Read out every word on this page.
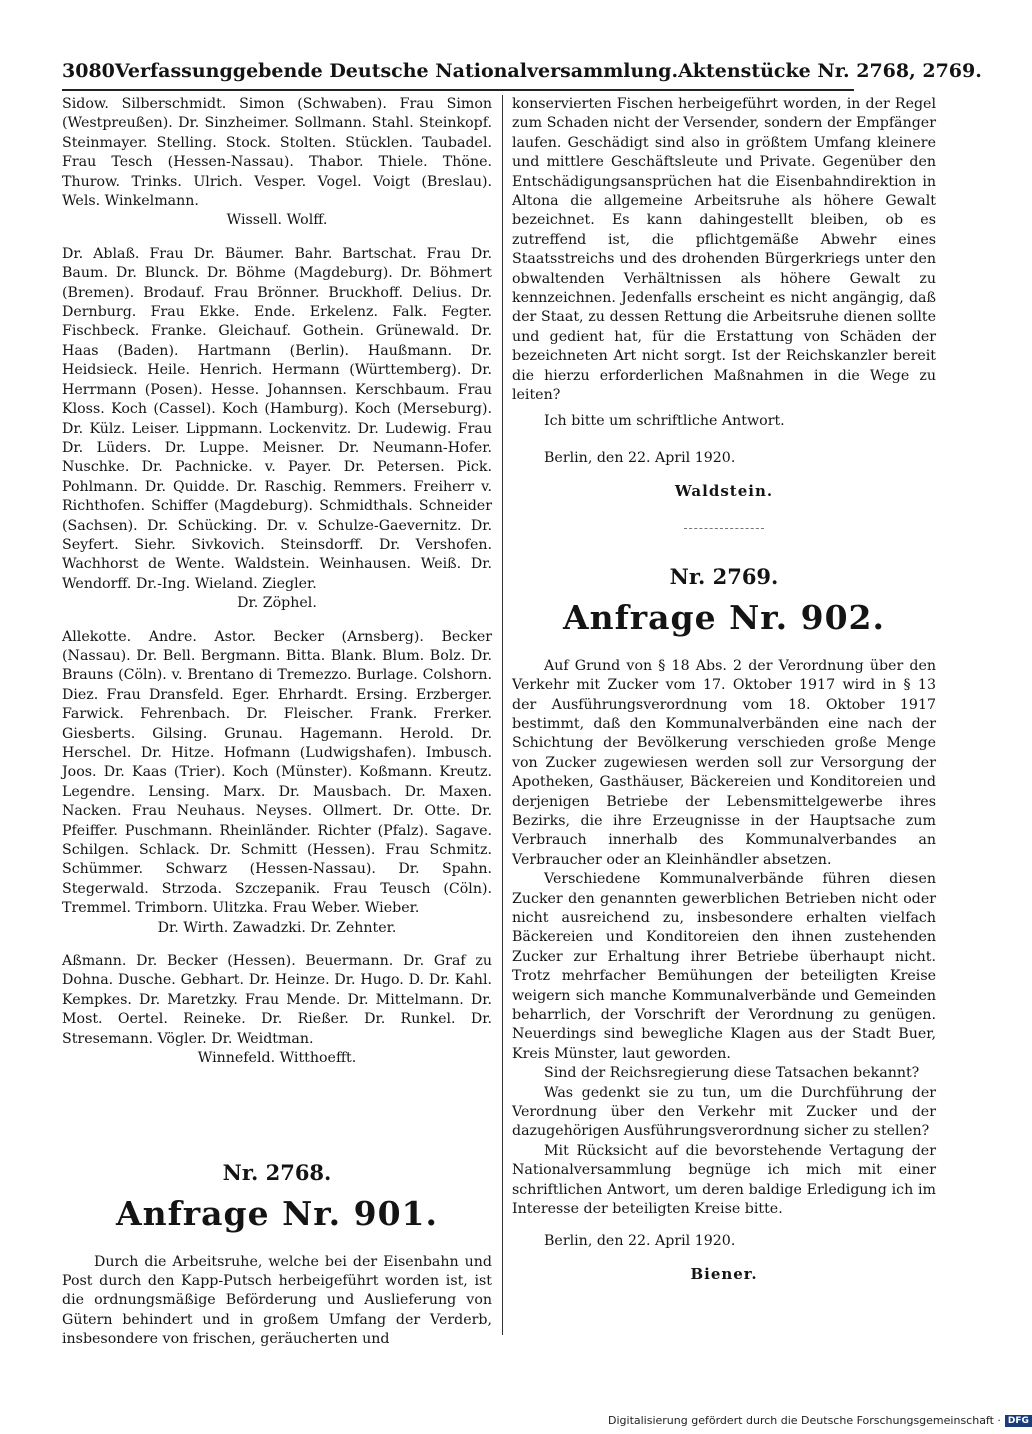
3080 Verfassunggebende Deutsche Nationalversammlung. Aktenstücke Nr. 2768, 2769.

Sidow. Silberschmidt. Simon (Schwaben). Frau Simon (Westpreußen). Dr. Sinzheimer. Sollmann. Stahl. Steinkopf. Steinmayer. Stelling. Stock. Stolten. Stücklen. Taubadel. Frau Tesch (Hessen-Nassau). Thabor. Thiele. Thöne. Thurow. Trinks. Ulrich. Vesper. Vogel. Voigt (Breslau). Wels. Winkelmann.

Wissell. Wolff.

Dr. Ablaß. Frau Dr. Bäumer. Bahr. Bartschat. Frau Dr. Baum. Dr. Blunck. Dr. Böhme (Magdeburg). Dr. Böhmert (Bremen). Brodauf. Frau Brönner. Bruckhoff. Delius. Dr. Dernburg. Frau Ekke. Ende. Erkelenz. Falk. Fegter. Fischbeck. Franke. Gleichauf. Gothein. Grünewald. Dr. Haas (Baden). Hartmann (Berlin). Haußmann. Dr. Heidsieck. Heile. Henrich. Hermann (Württemberg). Dr. Herrmann (Posen). Hesse. Johannsen. Kerschbaum. Frau Kloss. Koch (Cassel). Koch (Hamburg). Koch (Merseburg). Dr. Külz. Leiser. Lippmann. Lockenvitz. Dr. Ludewig. Frau Dr. Lüders. Dr. Luppe. Meisner. Dr. Neumann-Hofer. Nuschke. Dr. Pachnicke. v. Payer. Dr. Petersen. Pick. Pohlmann. Dr. Quidde. Dr. Raschig. Remmers. Freiherr v. Richthofen. Schiffer (Magdeburg). Schmidthals. Schneider (Sachsen). Dr. Schücking. Dr. v. Schulze-Gaevernitz. Dr. Seyfert. Siehr. Sivkovich. Steinsdorff. Dr. Vershofen. Wachhorst de Wente. Waldstein. Weinhausen. Weiß. Dr. Wendorff. Dr.-Ing. Wieland. Ziegler.

Dr. Zöphel.

Allekotte. Andre. Astor. Becker (Arnsberg). Becker (Nassau). Dr. Bell. Bergmann. Bitta. Blank. Blum. Bolz. Dr. Brauns (Cöln). v. Brentano di Tremezzo. Burlage. Colshorn. Diez. Frau Dransfeld. Eger. Ehrhardt. Ersing. Erzberger. Farwick. Fehrenbach. Dr. Fleischer. Frank. Frerker. Giesberts. Gilsing. Grunau. Hagemann. Herold. Dr. Herschel. Dr. Hitze. Hofmann (Ludwigshafen). Imbusch. Joos. Dr. Kaas (Trier). Koch (Münster). Koßmann. Kreutz. Legendre. Lensing. Marx. Dr. Mausbach. Dr. Maxen. Nacken. Frau Neuhaus. Neyses. Ollmert. Dr. Otte. Dr. Pfeiffer. Puschmann. Rheinländer. Richter (Pfalz). Sagave. Schilgen. Schlack. Dr. Schmitt (Hessen). Frau Schmitz. Schümmer. Schwarz (Hessen-Nassau). Dr. Spahn. Stegerwald. Strzoda. Szczepanik. Frau Teusch (Cöln). Tremmel. Trimborn. Ulitzka. Frau Weber. Wieber.

Dr. Wirth. Zawadzki. Dr. Zehnter.

Aßmann. Dr. Becker (Hessen). Beuermann. Dr. Graf zu Dohna. Dusche. Gebhart. Dr. Heinze. Dr. Hugo. D. Dr. Kahl. Kempkes. Dr. Maretzky. Frau Mende. Dr. Mittelmann. Dr. Most. Oertel. Reineke. Dr. Rießer. Dr. Runkel. Dr. Stresemann. Vögler. Dr. Weidtman.

Winnefeld. Witthoefft.

Nr. 2768.

Anfrage Nr. 901.

Durch die Arbeitsruhe, welche bei der Eisenbahn und Post durch den Kapp-Putsch herbeigeführt worden ist, ist die ordnungsmäßige Beförderung und Auslieferung von Gütern behindert und in großem Umfang der Verderb, insbesondere von frischen, geräucherten und

konservierten Fischen herbeigeführt worden, in der Regel zum Schaden nicht der Versender, sondern der Empfänger laufen. Geschädigt sind also in größtem Umfang kleinere und mittlere Geschäftsleute und Private. Gegenüber den Entschädigungsansprüchen hat die Eisenbahndirektion in Altona die allgemeine Arbeitsruhe als höhere Gewalt bezeichnet. Es kann dahingestellt bleiben, ob es zutreffend ist, die pflichtgemäße Abwehr eines Staatsstreichs und des drohenden Bürgerkriegs unter den obwaltenden Verhältnissen als höhere Gewalt zu kennzeichnen. Jedenfalls erscheint es nicht angängig, daß der Staat, zu dessen Rettung die Arbeitsruhe dienen sollte und gedient hat, für die Erstattung von Schäden der bezeichneten Art nicht sorgt. Ist der Reichskanzler bereit die hierzu erforderlichen Maßnahmen in die Wege zu leiten?

Ich bitte um schriftliche Antwort.

Berlin, den 22. April 1920.

Waldstein.

Nr. 2769.

Anfrage Nr. 902.

Auf Grund von § 18 Abs. 2 der Verordnung über den Verkehr mit Zucker vom 17. Oktober 1917 wird in § 13 der Ausführungsverordnung vom 18. Oktober 1917 bestimmt, daß den Kommunalverbänden eine nach der Schichtung der Bevölkerung verschieden große Menge von Zucker zugewiesen werden soll zur Versorgung der Apotheken, Gasthäuser, Bäckereien und Konditoreien und derjenigen Betriebe der Lebensmittelgewerbe ihres Bezirks, die ihre Erzeugnisse in der Hauptsache zum Verbrauch innerhalb des Kommunalverbandes an Verbraucher oder an Kleinhändler absetzen.

Verschiedene Kommunalverbände führen diesen Zucker den genannten gewerblichen Betrieben nicht oder nicht ausreichend zu, insbesondere erhalten vielfach Bäckereien und Konditoreien den ihnen zustehenden Zucker zur Erhaltung ihrer Betriebe überhaupt nicht. Trotz mehrfacher Bemühungen der beteiligten Kreise weigern sich manche Kommunalverbände und Gemeinden beharrlich, der Vorschrift der Verordnung zu genügen. Neuerdings sind bewegliche Klagen aus der Stadt Buer, Kreis Münster, laut geworden.

Sind der Reichsregierung diese Tatsachen bekannt?

Was gedenkt sie zu tun, um die Durchführung der Verordnung über den Verkehr mit Zucker und der dazugehörigen Ausführungsverordnung sicher zu stellen?

Mit Rücksicht auf die bevorstehende Vertagung der Nationalversammlung begnüge ich mich mit einer schriftlichen Antwort, um deren baldige Erledigung ich im Interesse der beteiligten Kreise bitte.

Berlin, den 22. April 1920.

Biener.

Digitalisierung gefördert durch die Deutsche Forschungsgemeinschaft · DFG
